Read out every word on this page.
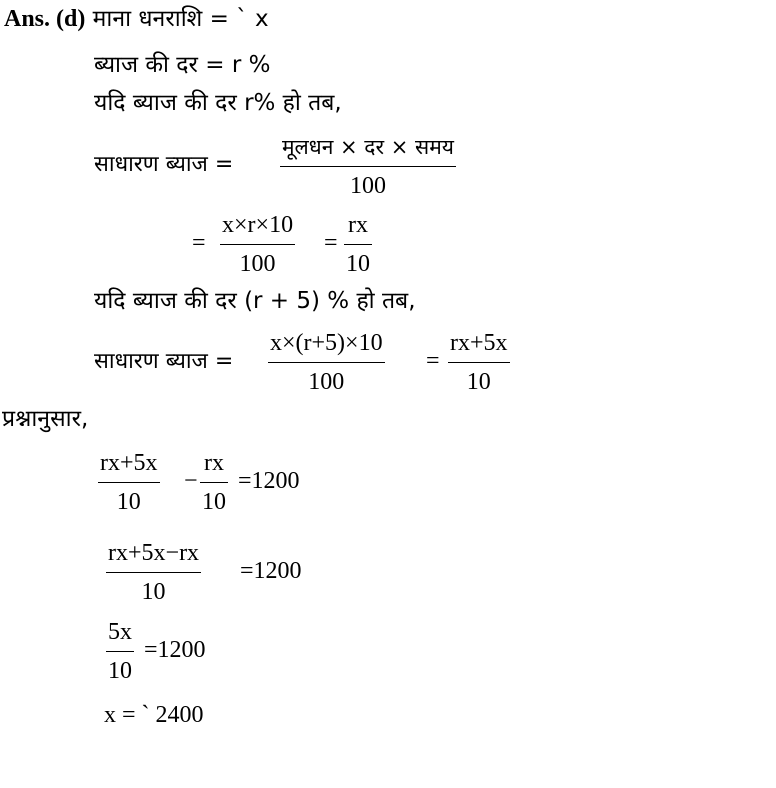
Ans. (d) माना धनराशि = ` x
ब्याज की दर = r %
यदि ब्याज की दर r% हो तब,
साधारण ब्याज =
मूलधन × दर × समय
100
=
x×r×10
100
=
rx
10
यदि ब्याज की दर (r + 5) % हो तब,
साधारण ब्याज =
x×(r+5)×10
100
=
rx+5x
10
प्रश्नानुसार,
rx+5x
10
−
rx
10
=1200
rx+5x−rx
10
=1200
5x
10
=1200
x = ` 2400
